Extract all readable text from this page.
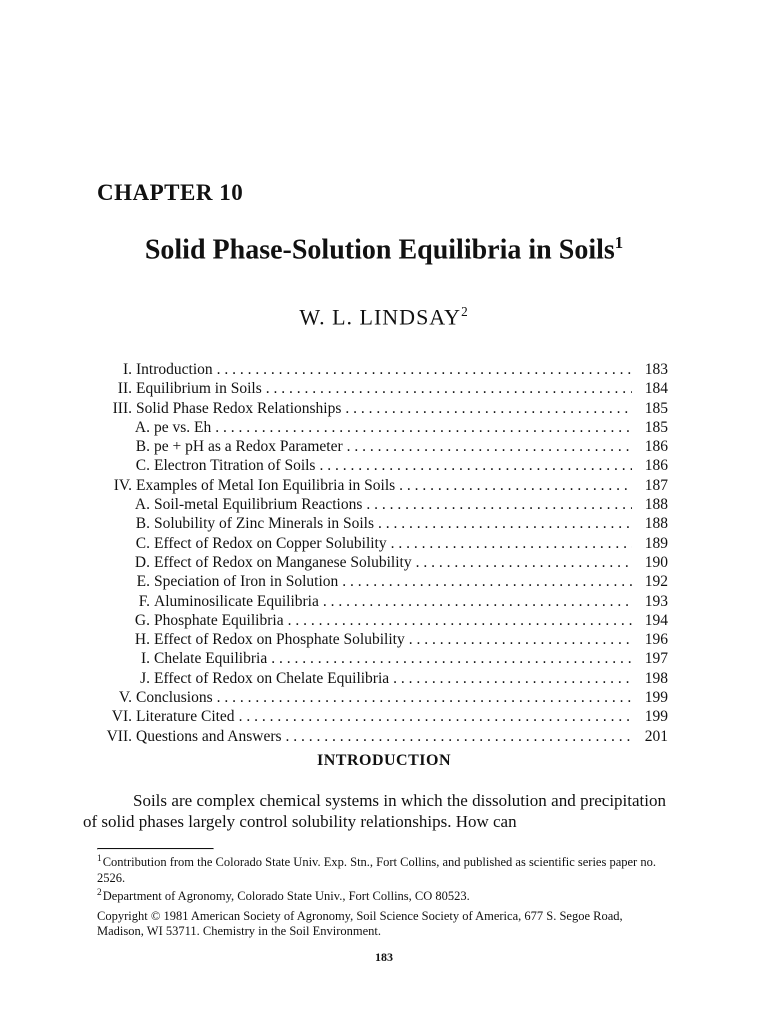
CHAPTER 10
Solid Phase-Solution Equilibria in Soils$^1$

W. L. LINDSAY$^2$

I. Introduction . . .	183
II. Equilibrium in Soils . . .	184
III. Solid Phase Redox Relationships . . .	185
A. pe vs. Eh . . .	185
B. pe + pH as a Redox Parameter . . .	186
C. Electron Titration of Soils . . .	186
IV. Examples of Metal Ion Equilibria in Soils . . .	187
A. Soil-metal Equilibrium Reactions . . .	188
B. Solubility of Zinc Minerals in Soils . . .	188
C. Effect of Redox on Copper Solubility . . .	189
D. Effect of Redox on Manganese Solubility . . .	190
E. Speciation of Iron in Solution . . .	192
F. Aluminosilicate Equilibria . . .	193
G. Phosphate Equilibria . . .	194
H. Effect of Redox on Phosphate Solubility . . .	196
I. Chelate Equilibria . . .	197
J. Effect of Redox on Chelate Equilibria . . .	198
V. Conclusions . . .	199
VI. Literature Cited . . .	199
VII. Questions and Answers . . .	201
INTRODUCTION

Soils are complex chemical systems in which the dissolution and precipitation of solid phases largely control solubility relationships. How can

$^1$Contribution from the Colorado State Univ. Exp. Stn., Fort Collins, and published as scientific series paper no. 2526.

$^2$Department of Agronomy, Colorado State Univ., Fort Collins, CO 80523.

Copyright © 1981 American Society of Agronomy, Soil Science Society of America, 677 S. Segoe Road, Madison, WI 53711. Chemistry in the Soil Environment.

183
